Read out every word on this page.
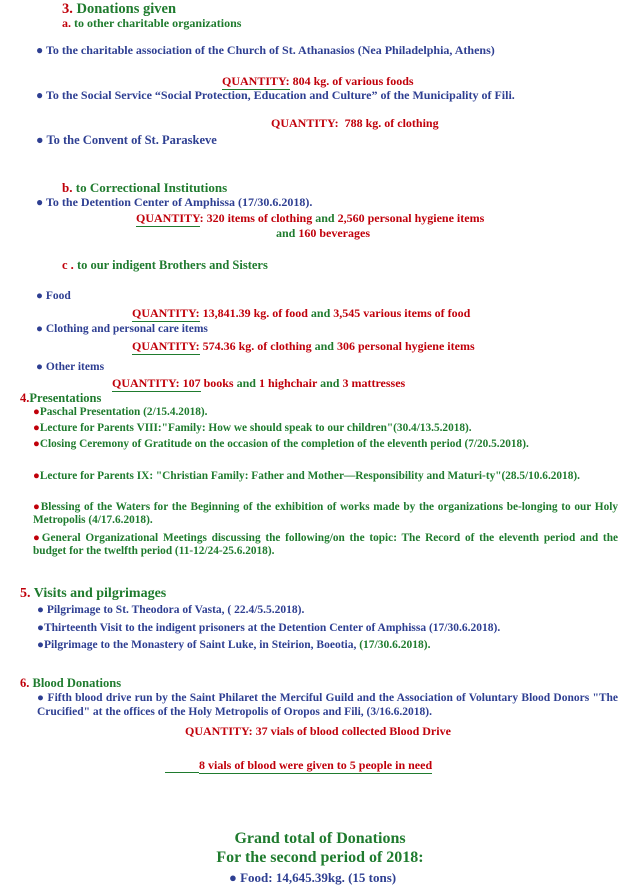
3. Donations given
a. to other charitable organizations
● To the charitable association of the Church of St. Athanasios (Nea Philadelphia, Athens)
QUANTITY: 804 kg. of various foods
● To the Social Service “Social Protection, Education and Culture” of the Municipality of Fili.
QUANTITY: 788 kg. of clothing
● To the Convent of St. Paraskeve
b. to Correctional Institutions
● To the Detention Center of Amphissa (17/30.6.2018).
QUANTITY: 320 items of clothing and 2,560 personal hygiene items
and 160 beverages
c . to our indigent Brothers and Sisters
● Food
QUANTITY: 13,841.39 kg. of food and 3,545 various items of food
● Clothing and personal care items
QUANTITY: 574.36 kg. of clothing and 306 personal hygiene items
● Other items
QUANTITY: 107 books and 1 highchair and 3 mattresses
4.Presentations
●Paschal Presentation (2/15.4.2018).
●Lecture for Parents VIII:"Family: How we should speak to our children"(30.4/13.5.2018).
●Closing Ceremony of Gratitude on the occasion of the completion of the eleventh period (7/20.5.2018).
●Lecture for Parents IX: "Christian Family: Father and Mother—Responsibility and Maturi-ty"(28.5/10.6.2018).
●Blessing of the Waters for the Beginning of the exhibition of works made by the organizations be-longing to our Holy Metropolis (4/17.6.2018).
●General Organizational Meetings discussing the following/on the topic: The Record of the eleventh period and the budget for the twelfth period (11-12/24-25.6.2018).
5. Visits and pilgrimages
● Pilgrimage to St. Theodora of Vasta, ( 22.4/5.5.2018).
●Thirteenth Visit to the indigent prisoners at the Detention Center of Amphissa (17/30.6.2018).
●Pilgrimage to the Monastery of Saint Luke, in Steirion, Boeotia, (17/30.6.2018).
6. Blood Donations
● Fifth blood drive run by the Saint Philaret the Merciful Guild and the Association of Voluntary Blood Donors "The Crucified" at the offices of the Holy Metropolis of Oropos and Fili, (3/16.6.2018).
QUANTITY: 37 vials of blood collected Blood Drive
8 vials of blood were given to 5 people in need
Grand total of Donations
For the second period of 2018:
● Food: 14,645.39kg. (15 tons)
